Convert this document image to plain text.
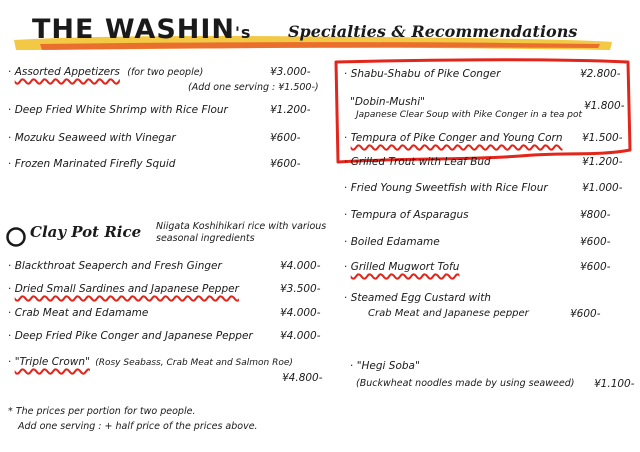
THE WASHIN's Specialties & Recommendations
· Assorted Appetizers (for two people)	¥3.000-
(Add one serving : ¥1.500-)
· Deep Fried White Shrimp with Rice Flour	¥1.200-
· Mozuku Seaweed with Vinegar	¥600-
· Frozen Marinated Firefly Squid	¥600-
Clay Pot Rice Niigata Koshihikari rice with various seasonal ingredients
· Blackthroat Seaperch and Fresh Ginger	¥4.000-
· Dried Small Sardines and Japanese Pepper	¥3.500-
· Crab Meat and Edamame	¥4.000-
· Deep Fried Pike Conger and Japanese Pepper	¥4.000-
· "Triple Crown" (Rosy Seabass, Crab Meat and Salmon Roe)
¥4.800-
* The prices per portion for two people.
Add one serving : + half price of the prices above.
· Shabu-Shabu of Pike Conger	¥2.800-
"Dobin-Mushi"	¥1.800-
Japanese Clear Soup with Pike Conger in a tea pot
· Tempura of Pike Conger and Young Corn ¥1.500-
· Grilled Trout with Leaf Bud	¥1.200-
· Fried Young Sweetfish with Rice Flour	¥1.000-
· Tempura of Asparagus	¥800-
· Boiled Edamame	¥600-
· Grilled Mugwort Tofu	¥600-
· Steamed Egg Custard with
Crab Meat and Japanese pepper	¥600-
· "Hegi Soba"
(Buckwheat noodles made by using seaweed) ¥1.100-
